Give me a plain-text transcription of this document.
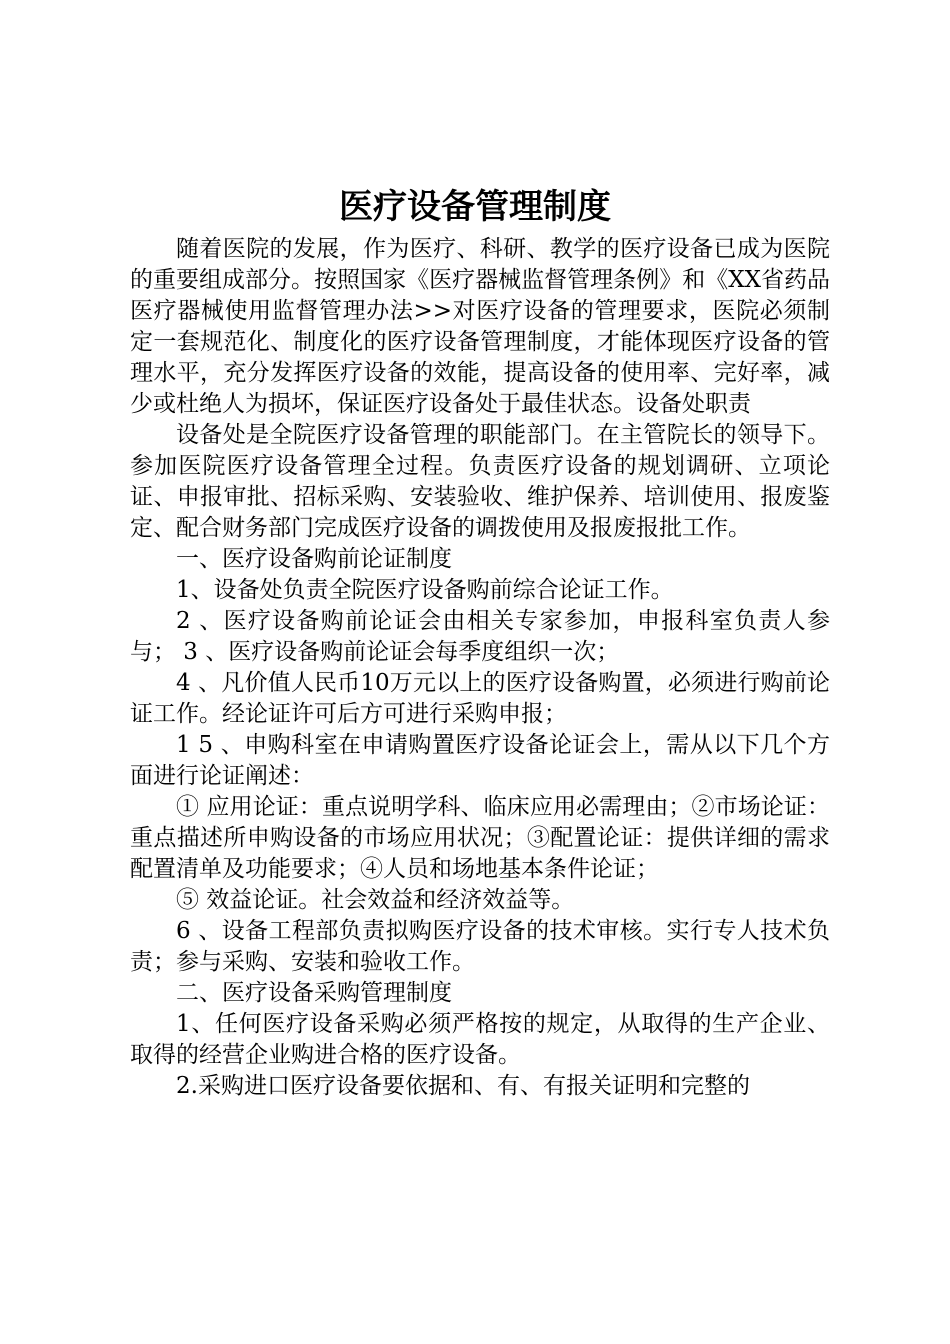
医疗设备管理制度

随着医院的发展，作为医疗、科研、教学的医疗设备已成为医院的重要组成部分。按照国家《医疗器械监督管理条例》和《XX省药品医疗器械使用监督管理办法>>对医疗设备的管理要求，医院必须制定一套规范化、制度化的医疗设备管理制度，才能体现医疗设备的管理水平，充分发挥医疗设备的效能，提高设备的使用率、完好率，减少或杜绝人为损坏，保证医疗设备处于最佳状态。设备处职责

设备处是全院医疗设备管理的职能部门。在主管院长的领导下。参加医院医疗设备管理全过程。负责医疗设备的规划调研、立项论证、申报审批、招标采购、安装验收、维护保养、培训使用、报废鉴定、配合财务部门完成医疗设备的调拨使用及报废报批工作。

一、医疗设备购前论证制度

1、设备处负责全院医疗设备购前综合论证工作。

2 、医疗设备购前论证会由相关专家参加，申报科室负责人参与； 3 、医疗设备购前论证会每季度组织一次；

4 、凡价值人民币10万元以上的医疗设备购置，必须进行购前论证工作。经论证许可后方可进行采购申报；

1 5 、申购科室在申请购置医疗设备论证会上，需从以下几个方面进行论证阐述：

① 应用论证：重点说明学科、临床应用必需理由；②市场论证：重点描述所申购设备的市场应用状况；③配置论证：提供详细的需求配置清单及功能要求；④人员和场地基本条件论证；

⑤ 效益论证。社会效益和经济效益等。

6 、设备工程部负责拟购医疗设备的技术审核。实行专人技术负责；参与采购、安装和验收工作。

二、医疗设备采购管理制度

1、任何医疗设备采购必须严格按的规定，从取得的生产企业、取得的经营企业购进合格的医疗设备。

2.采购进口医疗设备要依据和、有、有报关证明和完整的
